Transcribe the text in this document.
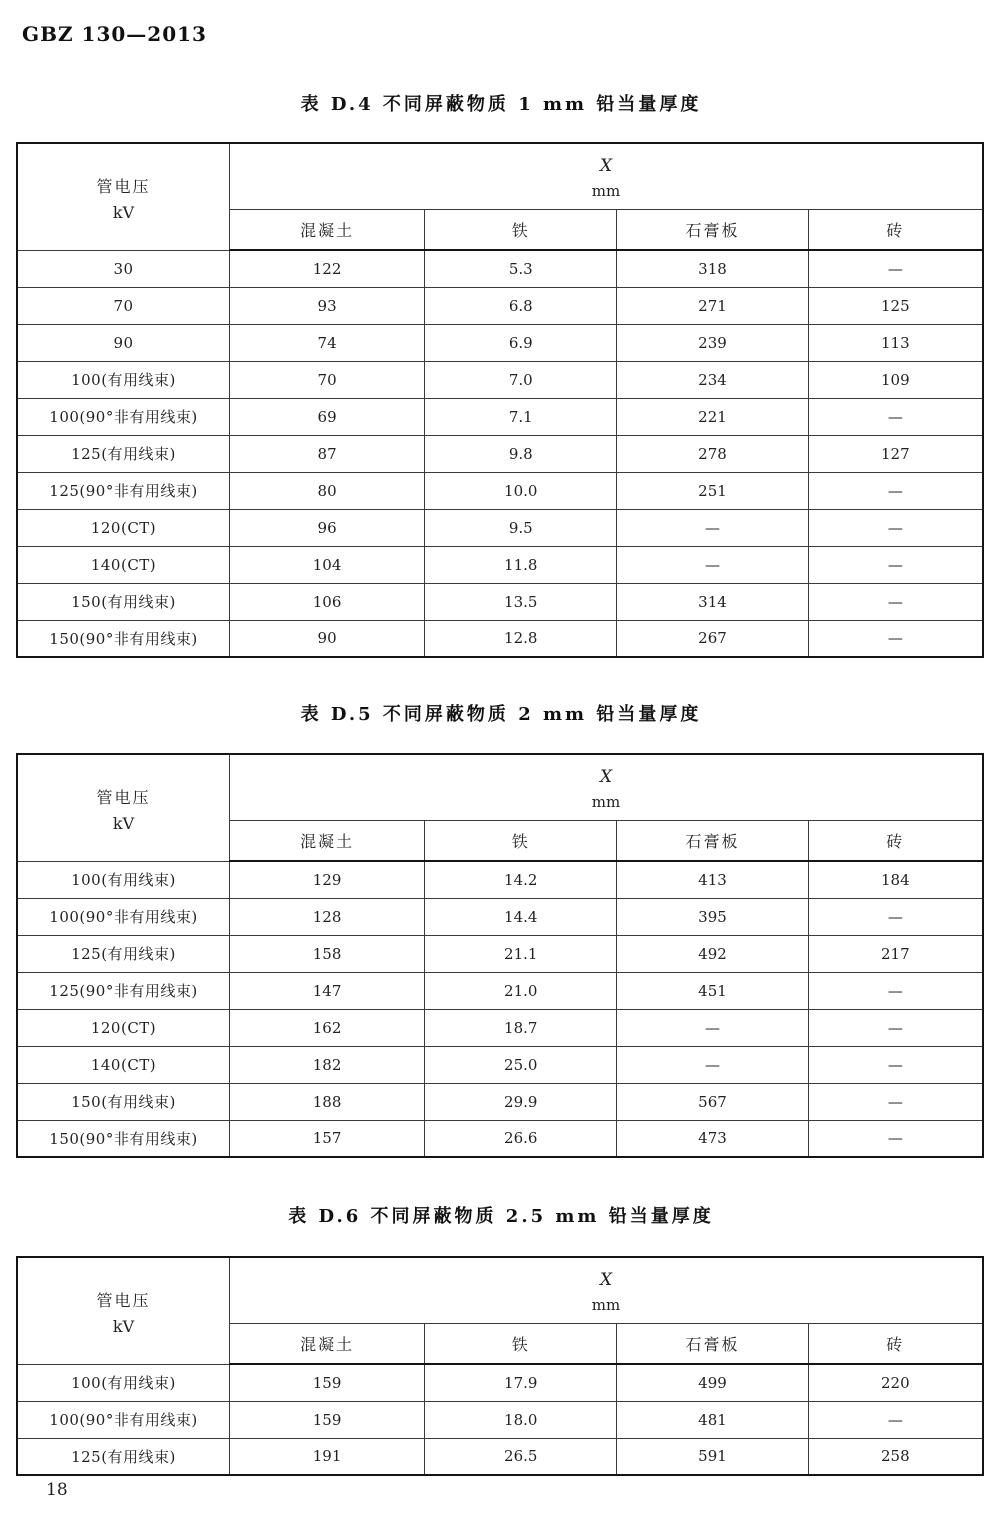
GBZ 130—2013
表 D.4 不同屏蔽物质 1 mm 铅当量厚度
管电压
kV

X
mm

	混凝土	铁	石膏板	砖
30	122	5.3	318	—
70	93	6.8	271	125
90	74	6.9	239	113
100(有用线束)	70	7.0	234	109
100(90°非有用线束)	69	7.1	221	—
125(有用线束)	87	9.8	278	127
125(90°非有用线束)	80	10.0	251	—
120(CT)	96	9.5	—	—
140(CT)	104	11.8	—	—
150(有用线束)	106	13.5	314	—
150(90°非有用线束)	90	12.8	267	—
表 D.5 不同屏蔽物质 2 mm 铅当量厚度
管电压
kV

X
mm

	混凝土	铁	石膏板	砖
100(有用线束)	129	14.2	413	184
100(90°非有用线束)	128	14.4	395	—
125(有用线束)	158	21.1	492	217
125(90°非有用线束)	147	21.0	451	—
120(CT)	162	18.7	—	—
140(CT)	182	25.0	—	—
150(有用线束)	188	29.9	567	—
150(90°非有用线束)	157	26.6	473	—
表 D.6 不同屏蔽物质 2.5 mm 铅当量厚度
管电压
kV

X
mm

	混凝土	铁	石膏板	砖
100(有用线束)	159	17.9	499	220
100(90°非有用线束)	159	18.0	481	—
125(有用线束)	191	26.5	591	258
18
